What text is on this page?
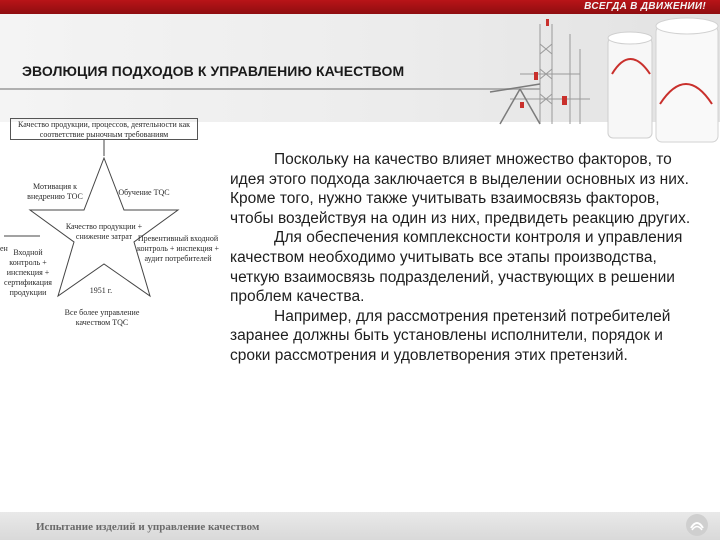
ВСЕГДА В ДВИЖЕНИИ!
ЭВОЛЮЦИЯ ПОДХОДОВ К УПРАВЛЕНИЮ КАЧЕСТВОМ
Качество продукции, процессов, деятельности как соответствие рыночным требованиям
Мотивация к внедрению ТОС	Обучение ТQС
Качество продукции + снижение затрат
1951 г.
Превентивный входной контроль + инспекция + аудит потребителей
Входной контроль + инспекция + сертификация продукции
Все более управление качеством ТQС
ен

Поскольку на качество влияет множество факторов, то идея этого подхода заключается в выделении основных из них. Кроме того, нужно также учитывать взаимосвязь факторов, чтобы воздействуя на один из них, предвидеть реакцию других.

Для обеспечения комплексности контроля и управления качеством необходимо учитывать все этапы производства, четкую взаимосвязь подразделений, участвующих в решении проблем качества.

Например, для рассмотрения претензий потребителей заранее должны быть установлены исполнители, порядок и сроки рассмотрения и удовлетворения этих претензий.

Испытание изделий и управление качеством
